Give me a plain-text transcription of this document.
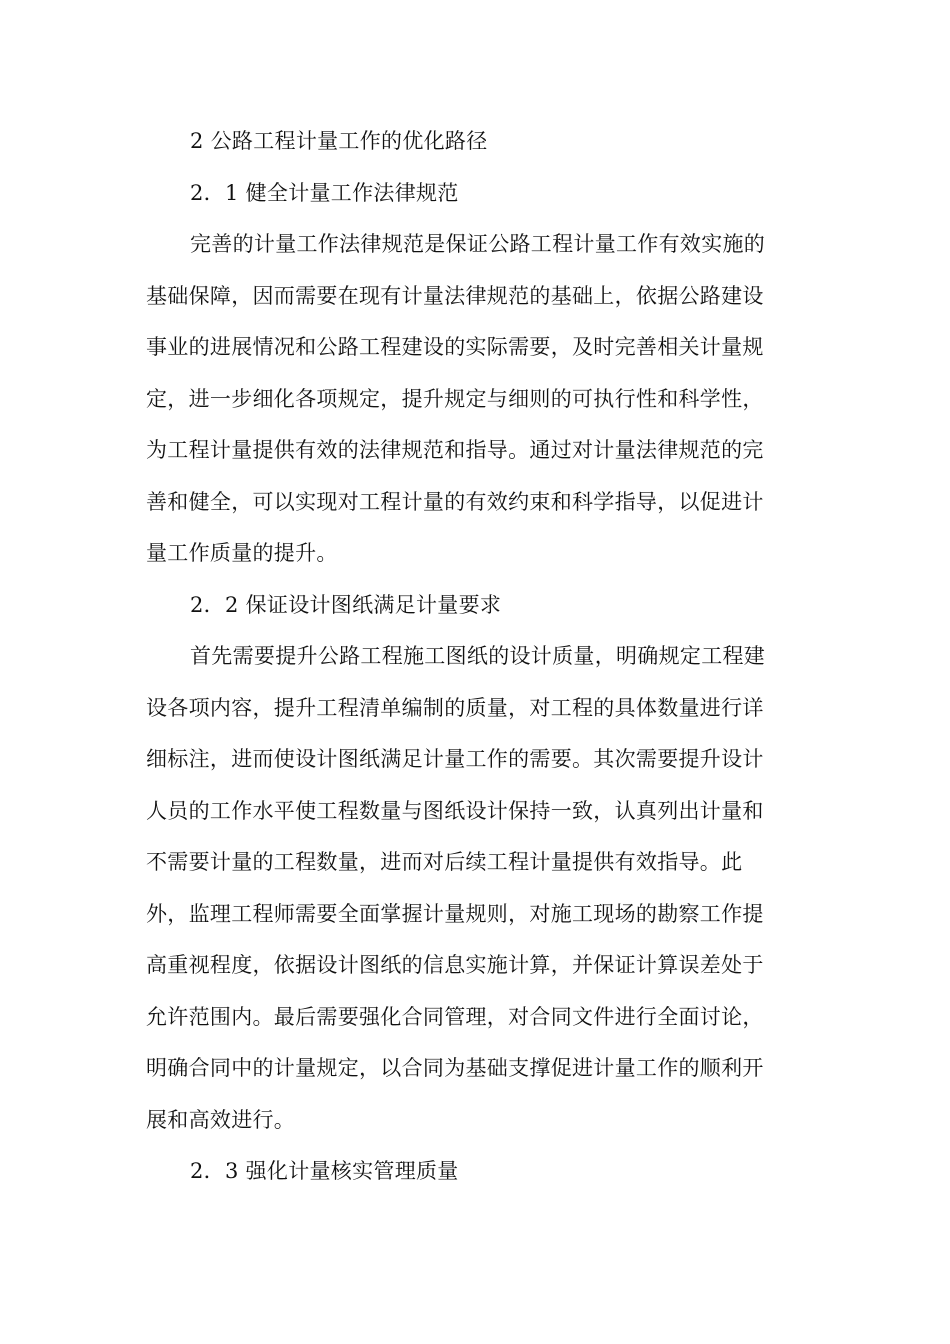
2 公路工程计量工作的优化路径
2．1 健全计量工作法律规范
完善的计量工作法律规范是保证公路工程计量工作有效实施的
基础保障，因而需要在现有计量法律规范的基础上，依据公路建设
事业的进展情况和公路工程建设的实际需要，及时完善相关计量规
定，进一步细化各项规定，提升规定与细则的可执行性和科学性，
为工程计量提供有效的法律规范和指导。通过对计量法律规范的完
善和健全，可以实现对工程计量的有效约束和科学指导，以促进计
量工作质量的提升。
2．2 保证设计图纸满足计量要求
首先需要提升公路工程施工图纸的设计质量，明确规定工程建
设各项内容，提升工程清单编制的质量，对工程的具体数量进行详
细标注，进而使设计图纸满足计量工作的需要。其次需要提升设计
人员的工作水平使工程数量与图纸设计保持一致，认真列出计量和
不需要计量的工程数量，进而对后续工程计量提供有效指导。此
外，监理工程师需要全面掌握计量规则，对施工现场的勘察工作提
高重视程度，依据设计图纸的信息实施计算，并保证计算误差处于
允许范围内。最后需要强化合同管理，对合同文件进行全面讨论，
明确合同中的计量规定，以合同为基础支撑促进计量工作的顺利开
展和高效进行。
2．3 强化计量核实管理质量
